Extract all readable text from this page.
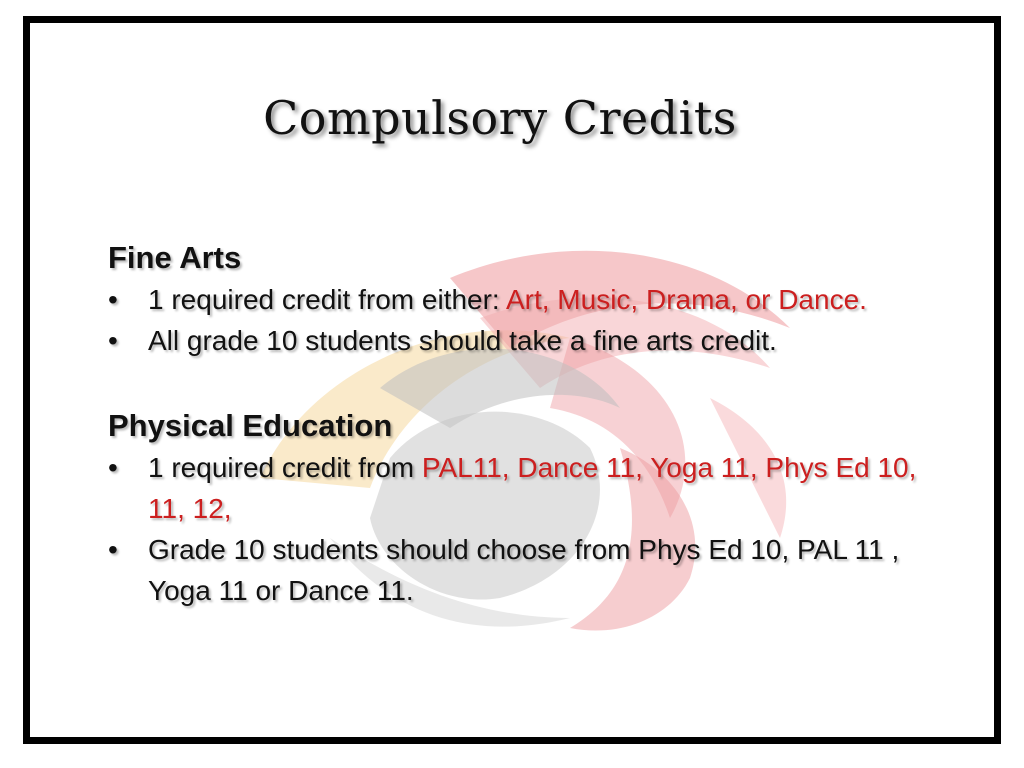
Compulsory Credits
Fine Arts
• 1 required credit from either: Art, Music, Drama, or Dance.
• All grade 10 students should take a fine arts credit.
Physical Education
• 1 required credit from PAL11, Dance 11, Yoga 11, Phys Ed 10, 11, 12,
• Grade 10 students should choose from Phys Ed 10, PAL 11 , Yoga 11 or Dance 11.
